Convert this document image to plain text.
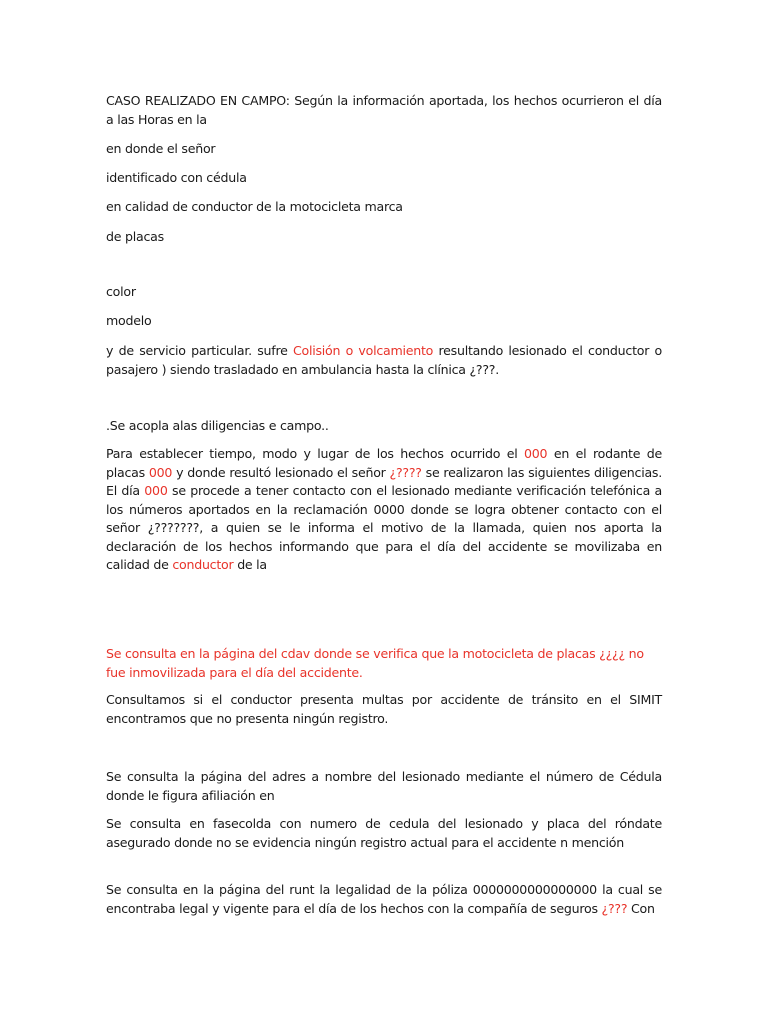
CASO REALIZADO EN CAMPO: Según la información aportada, los hechos ocurrieron el día a las Horas en la
en donde el señor
identificado con cédula
en calidad de conductor de la motocicleta marca
de placas
color
modelo
y de servicio particular. sufre Colisión o volcamiento resultando lesionado el conductor o pasajero ) siendo trasladado en ambulancia hasta la clínica ¿???.
.Se acopla alas diligencias e campo..
Para establecer tiempo, modo y lugar de los hechos ocurrido el 000 en el rodante de placas 000 y donde resultó lesionado el señor ¿???? se realizaron las siguientes diligencias. El día 000 se procede a tener contacto con el lesionado mediante verificación telefónica a los números aportados en la reclamación 0000 donde se logra obtener contacto con el señor ¿???????, a quien se le informa el motivo de la llamada, quien nos aporta la declaración de los hechos informando que para el día del accidente se movilizaba en calidad de conductor de la
Se consulta en la página del cdav donde se verifica que la motocicleta de placas ¿¿¿¿ no fue inmovilizada para el día del accidente.
Consultamos si el conductor presenta multas por accidente de tránsito en el SIMIT encontramos que no presenta ningún registro.
Se consulta la página del adres a nombre del lesionado mediante el número de Cédula donde le figura afiliación en
Se consulta en fasecolda con numero de cedula del lesionado y placa del róndate asegurado donde no se evidencia ningún registro actual para el accidente n mención
Se consulta en la página del runt la legalidad de la póliza 0000000000000000 la cual se encontraba legal y vigente para el día de los hechos con la compañía de seguros ¿??? Con
